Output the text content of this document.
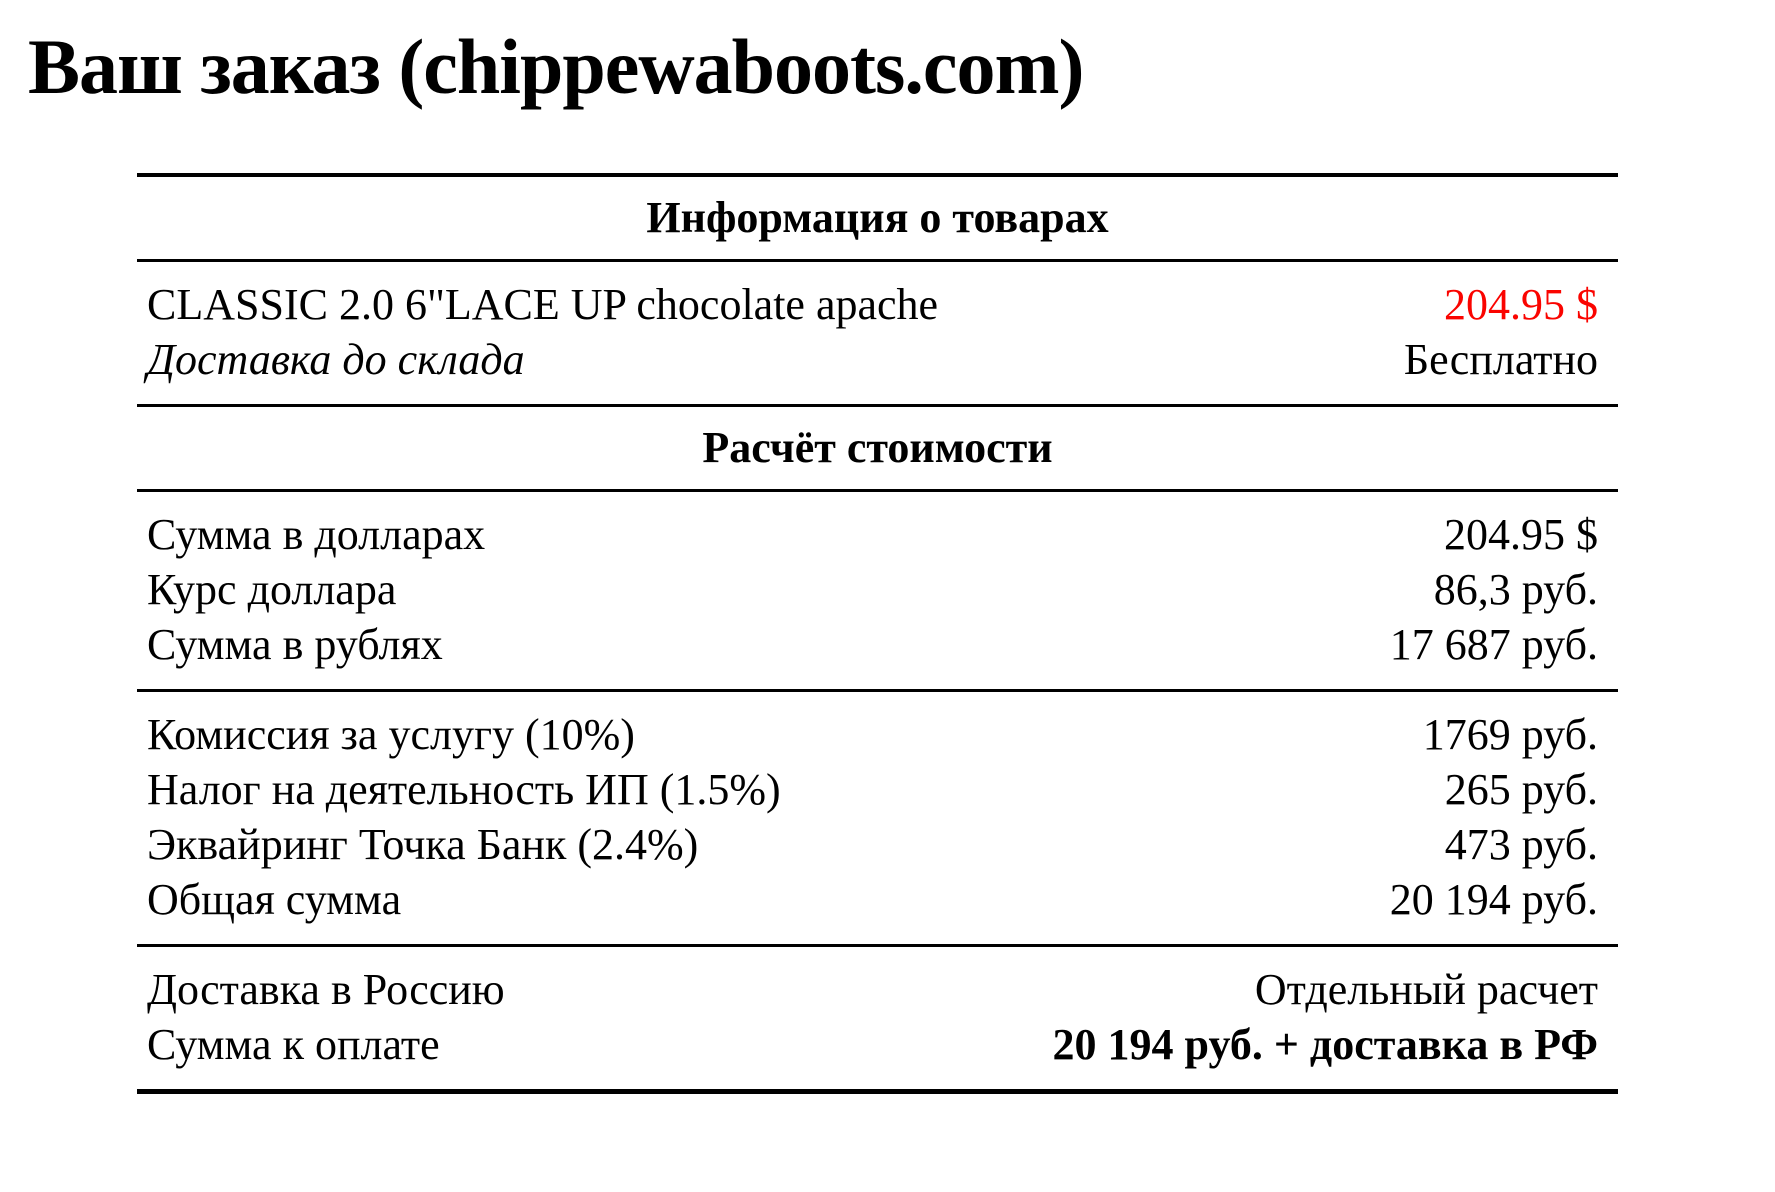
Ваш заказ (chippewaboots.com)
Информация о товарах
CLASSIC 2.0 6"LACE UP chocolate apache	204.95 $
Доставка до склада	Бесплатно
Расчёт стоимости
Сумма в долларах	204.95 $
Курс доллара	86,3 руб.
Сумма в рублях	17 687 руб.
Комиссия за услугу (10%)	1769 руб.
Налог на деятельность ИП (1.5%)	265 руб.
Эквайринг Точка Банк (2.4%)	473 руб.
Общая сумма	20 194 руб.
Доставка в Россию	Отдельный расчет
Сумма к оплате	20 194 руб. + доставка в РФ
